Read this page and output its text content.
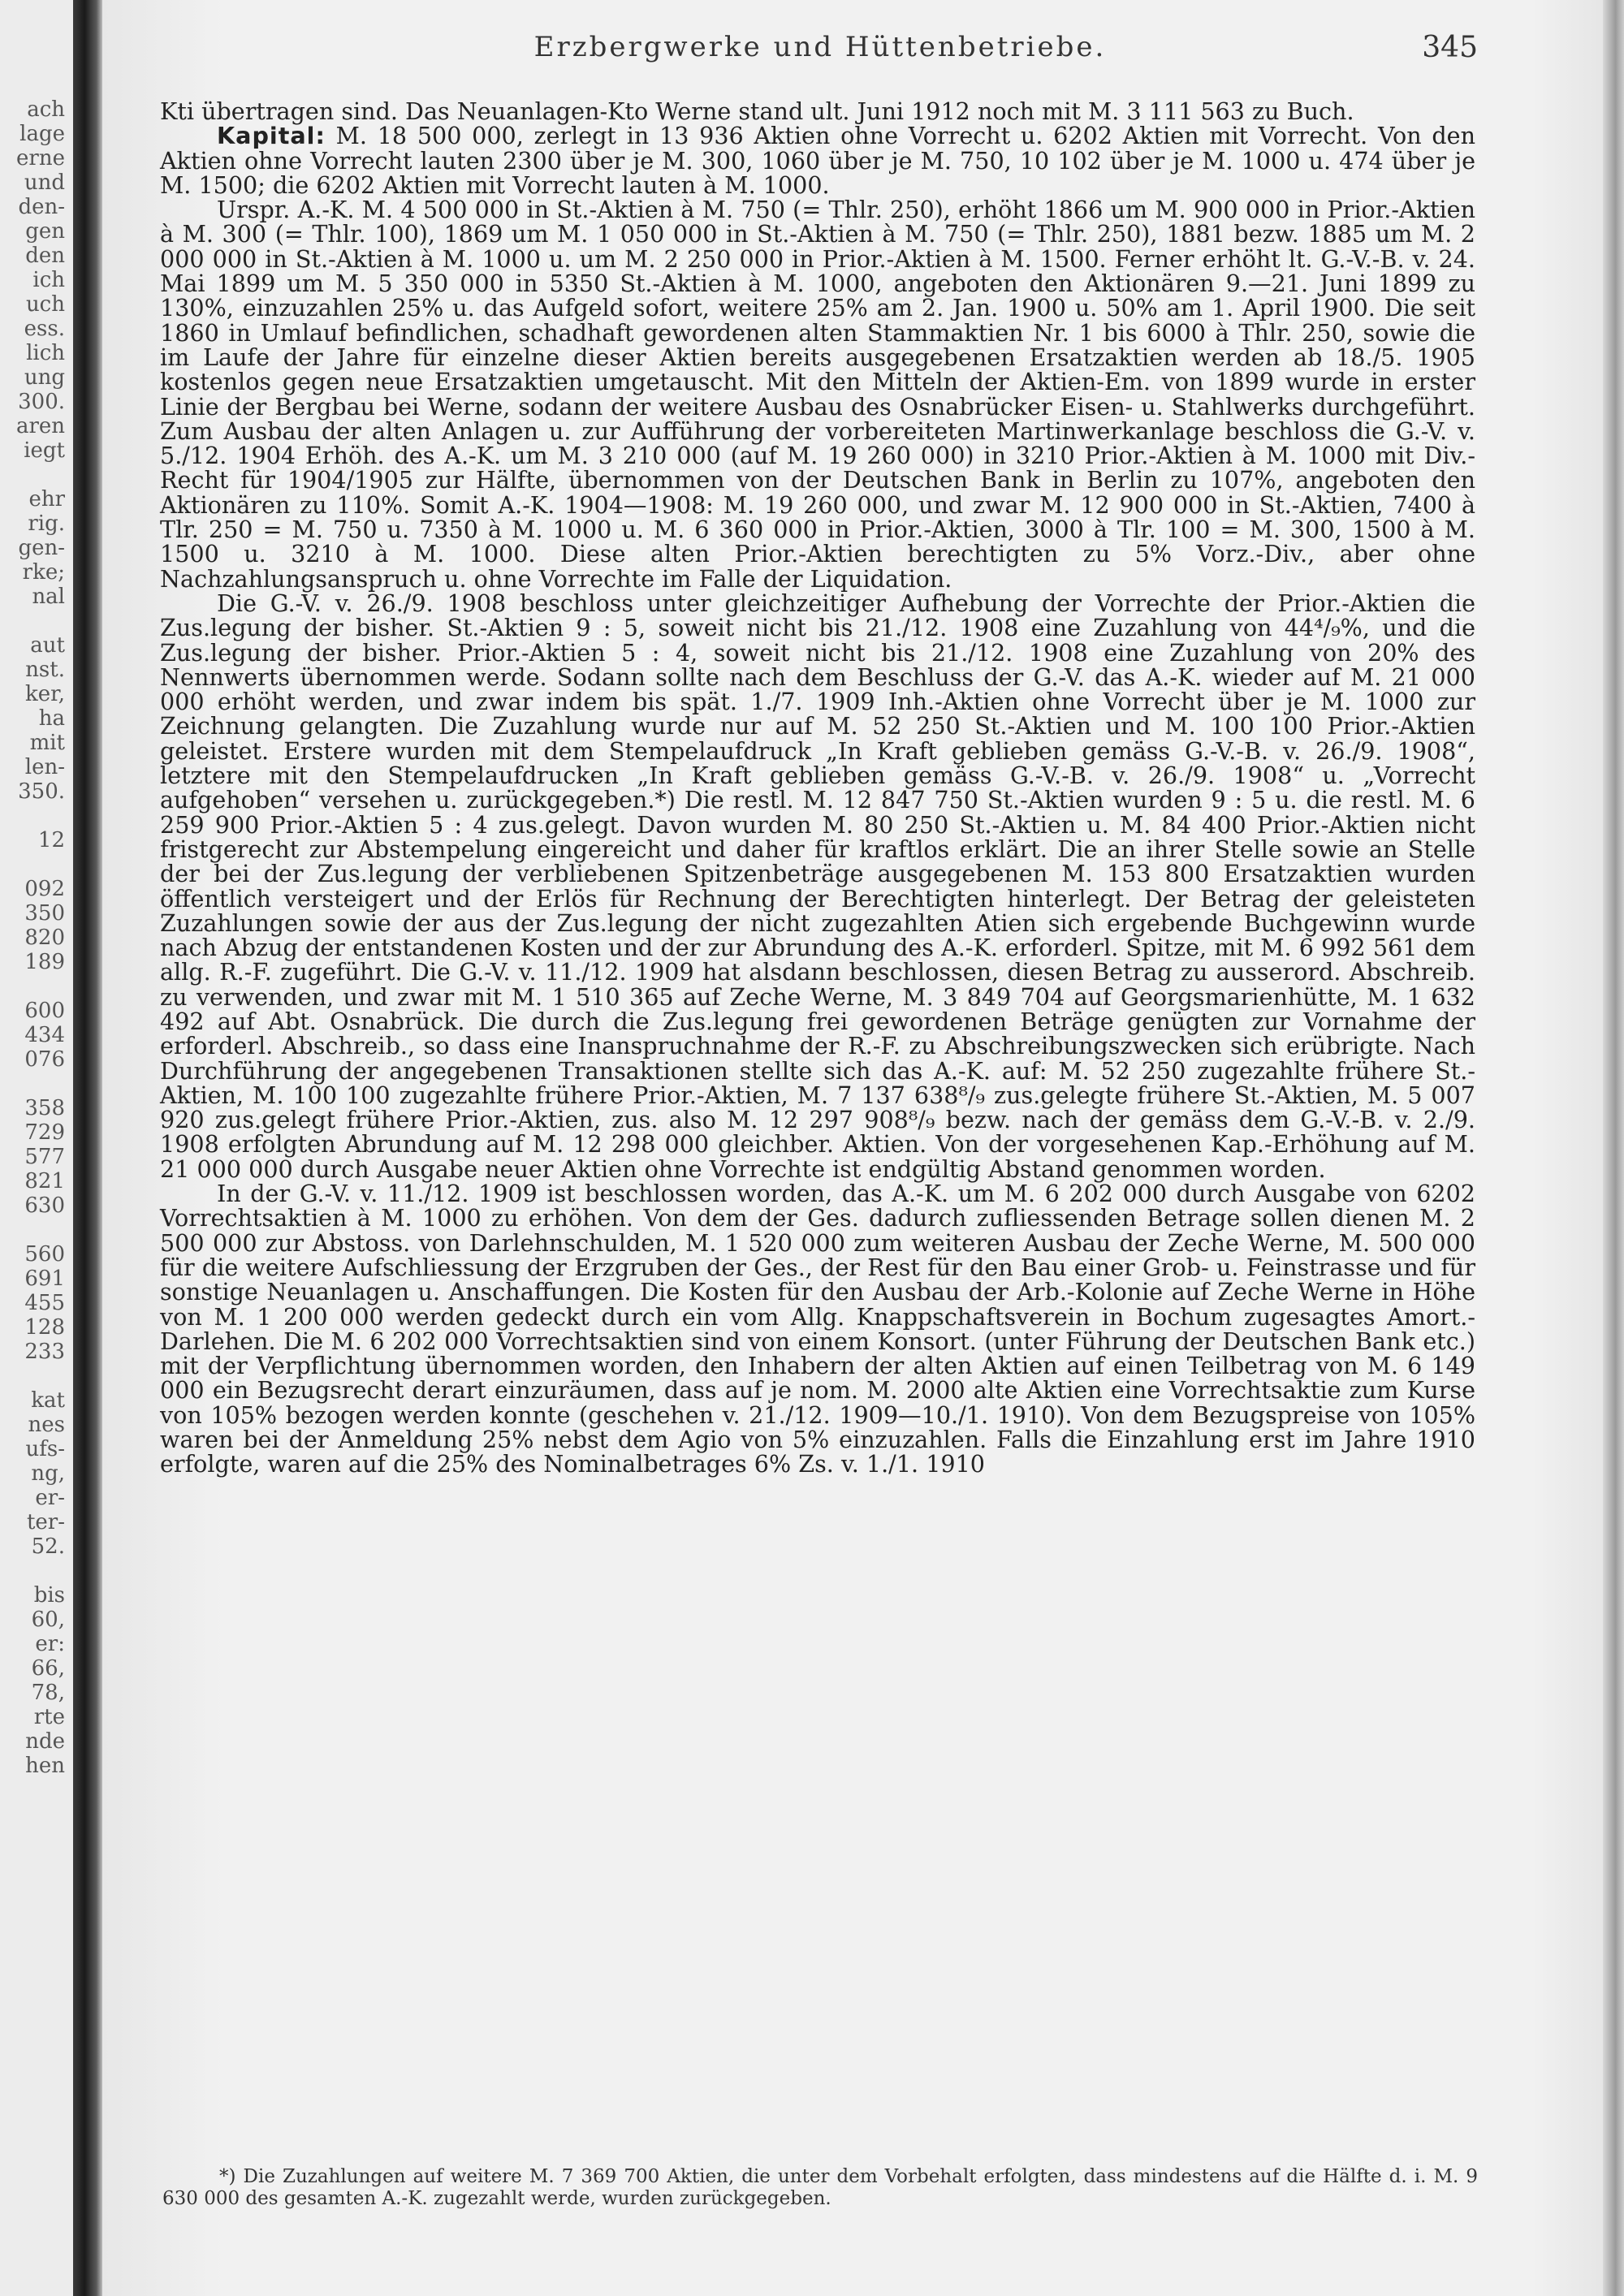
ach
lage
erne
und
den-
gen
den
ich
uch
ess.
lich
ung
300.
aren
iegt
ehr
rig.
gen-
rke;
nal
aut
nst.
ker,
ha
mit
len-
350.
12
092
350
820
189
600
434
076
358
729
577
821
630
560
691
455
128
233
kat
nes
ufs-
ng,
er-
ter-
52.
bis
60,
er:
66,
78,
rte
nde
hen
Erzbergwerke und Hüttenbetriebe.	345

Kti übertragen sind. Das Neuanlagen-Kto Werne stand ult. Juni 1912 noch mit M. 3 111 563 zu Buch.

Kapital: M. 18 500 000, zerlegt in 13 936 Aktien ohne Vorrecht u. 6202 Aktien mit Vorrecht. Von den Aktien ohne Vorrecht lauten 2300 über je M. 300, 1060 über je M. 750, 10 102 über je M. 1000 u. 474 über je M. 1500; die 6202 Aktien mit Vorrecht lauten à M. 1000.

Urspr. A.-K. M. 4 500 000 in St.-Aktien à M. 750 (= Thlr. 250), erhöht 1866 um M. 900 000 in Prior.-Aktien à M. 300 (= Thlr. 100), 1869 um M. 1 050 000 in St.-Aktien à M. 750 (= Thlr. 250), 1881 bezw. 1885 um M. 2 000 000 in St.-Aktien à M. 1000 u. um M. 2 250 000 in Prior.-Aktien à M. 1500. Ferner erhöht lt. G.-V.-B. v. 24. Mai 1899 um M. 5 350 000 in 5350 St.-Aktien à M. 1000, angeboten den Aktionären 9.—21. Juni 1899 zu 130%, einzuzahlen 25% u. das Aufgeld sofort, weitere 25% am 2. Jan. 1900 u. 50% am 1. April 1900. Die seit 1860 in Umlauf befindlichen, schadhaft gewordenen alten Stammaktien Nr. 1 bis 6000 à Thlr. 250, sowie die im Laufe der Jahre für einzelne dieser Aktien bereits ausgegebenen Ersatzaktien werden ab 18./5. 1905 kostenlos gegen neue Ersatzaktien umgetauscht. Mit den Mitteln der Aktien-Em. von 1899 wurde in erster Linie der Bergbau bei Werne, sodann der weitere Ausbau des Osnabrücker Eisen- u. Stahlwerks durchgeführt. Zum Ausbau der alten Anlagen u. zur Aufführung der vorbereiteten Martinwerkanlage beschloss die G.-V. v. 5./12. 1904 Erhöh. des A.-K. um M. 3 210 000 (auf M. 19 260 000) in 3210 Prior.-Aktien à M. 1000 mit Div.-Recht für 1904/1905 zur Hälfte, übernommen von der Deutschen Bank in Berlin zu 107%, angeboten den Aktionären zu 110%. Somit A.-K. 1904—1908: M. 19 260 000, und zwar M. 12 900 000 in St.-Aktien, 7400 à Tlr. 250 = M. 750 u. 7350 à M. 1000 u. M. 6 360 000 in Prior.-Aktien, 3000 à Tlr. 100 = M. 300, 1500 à M. 1500 u. 3210 à M. 1000. Diese alten Prior.-Aktien berechtigten zu 5% Vorz.-Div., aber ohne Nachzahlungsanspruch u. ohne Vorrechte im Falle der Liquidation.

Die G.-V. v. 26./9. 1908 beschloss unter gleichzeitiger Aufhebung der Vorrechte der Prior.-Aktien die Zus.legung der bisher. St.-Aktien 9 : 5, soweit nicht bis 21./12. 1908 eine Zuzahlung von 44⁴/₉%, und die Zus.legung der bisher. Prior.-Aktien 5 : 4, soweit nicht bis 21./12. 1908 eine Zuzahlung von 20% des Nennwerts übernommen werde. Sodann sollte nach dem Beschluss der G.-V. das A.-K. wieder auf M. 21 000 000 erhöht werden, und zwar indem bis spät. 1./7. 1909 Inh.-Aktien ohne Vorrecht über je M. 1000 zur Zeichnung gelangten. Die Zuzahlung wurde nur auf M. 52 250 St.-Aktien und M. 100 100 Prior.-Aktien geleistet. Erstere wurden mit dem Stempelaufdruck „In Kraft geblieben gemäss G.-V.-B. v. 26./9. 1908“, letztere mit den Stempelaufdrucken „In Kraft geblieben gemäss G.-V.-B. v. 26./9. 1908“ u. „Vorrecht aufgehoben“ versehen u. zurückgegeben.*) Die restl. M. 12 847 750 St.-Aktien wurden 9 : 5 u. die restl. M. 6 259 900 Prior.-Aktien 5 : 4 zus.gelegt. Davon wurden M. 80 250 St.-Aktien u. M. 84 400 Prior.-Aktien nicht fristgerecht zur Abstempelung eingereicht und daher für kraftlos erklärt. Die an ihrer Stelle sowie an Stelle der bei der Zus.legung der verbliebenen Spitzenbeträge ausgegebenen M. 153 800 Ersatzaktien wurden öffentlich versteigert und der Erlös für Rechnung der Berechtigten hinterlegt. Der Betrag der geleisteten Zuzahlungen sowie der aus der Zus.legung der nicht zugezahlten Atien sich ergebende Buchgewinn wurde nach Abzug der entstandenen Kosten und der zur Abrundung des A.-K. erforderl. Spitze, mit M. 6 992 561 dem allg. R.-F. zugeführt. Die G.-V. v. 11./12. 1909 hat alsdann beschlossen, diesen Betrag zu ausserord. Abschreib. zu verwenden, und zwar mit M. 1 510 365 auf Zeche Werne, M. 3 849 704 auf Georgsmarienhütte, M. 1 632 492 auf Abt. Osnabrück. Die durch die Zus.legung frei gewordenen Beträge genügten zur Vornahme der erforderl. Abschreib., so dass eine Inanspruchnahme der R.-F. zu Abschreibungszwecken sich erübrigte. Nach Durchführung der angegebenen Transaktionen stellte sich das A.-K. auf: M. 52 250 zugezahlte frühere St.-Aktien, M. 100 100 zugezahlte frühere Prior.-Aktien, M. 7 137 638⁸/₉ zus.gelegte frühere St.-Aktien, M. 5 007 920 zus.gelegt frühere Prior.-Aktien, zus. also M. 12 297 908⁸/₉ bezw. nach der gemäss dem G.-V.-B. v. 2./9. 1908 erfolgten Abrundung auf M. 12 298 000 gleichber. Aktien. Von der vorgesehenen Kap.-Erhöhung auf M. 21 000 000 durch Ausgabe neuer Aktien ohne Vorrechte ist endgültig Abstand genommen worden.

In der G.-V. v. 11./12. 1909 ist beschlossen worden, das A.-K. um M. 6 202 000 durch Ausgabe von 6202 Vorrechtsaktien à M. 1000 zu erhöhen. Von dem der Ges. dadurch zufliessenden Betrage sollen dienen M. 2 500 000 zur Abstoss. von Darlehnschulden, M. 1 520 000 zum weiteren Ausbau der Zeche Werne, M. 500 000 für die weitere Aufschliessung der Erzgruben der Ges., der Rest für den Bau einer Grob- u. Feinstrasse und für sonstige Neuanlagen u. Anschaffungen. Die Kosten für den Ausbau der Arb.-Kolonie auf Zeche Werne in Höhe von M. 1 200 000 werden gedeckt durch ein vom Allg. Knappschaftsverein in Bochum zugesagtes Amort.-Darlehen. Die M. 6 202 000 Vorrechtsaktien sind von einem Konsort. (unter Führung der Deutschen Bank etc.) mit der Verpflichtung übernommen worden, den Inhabern der alten Aktien auf einen Teilbetrag von M. 6 149 000 ein Bezugsrecht derart einzuräumen, dass auf je nom. M. 2000 alte Aktien eine Vorrechtsaktie zum Kurse von 105% bezogen werden konnte (geschehen v. 21./12. 1909—10./1. 1910). Von dem Bezugspreise von 105% waren bei der Anmeldung 25% nebst dem Agio von 5% einzuzahlen. Falls die Einzahlung erst im Jahre 1910 erfolgte, waren auf die 25% des Nominalbetrages 6% Zs. v. 1./1. 1910

*) Die Zuzahlungen auf weitere M. 7 369 700 Aktien, die unter dem Vorbehalt erfolgten, dass mindestens auf die Hälfte d. i. M. 9 630 000 des gesamten A.-K. zugezahlt werde, wurden zurückgegeben.
